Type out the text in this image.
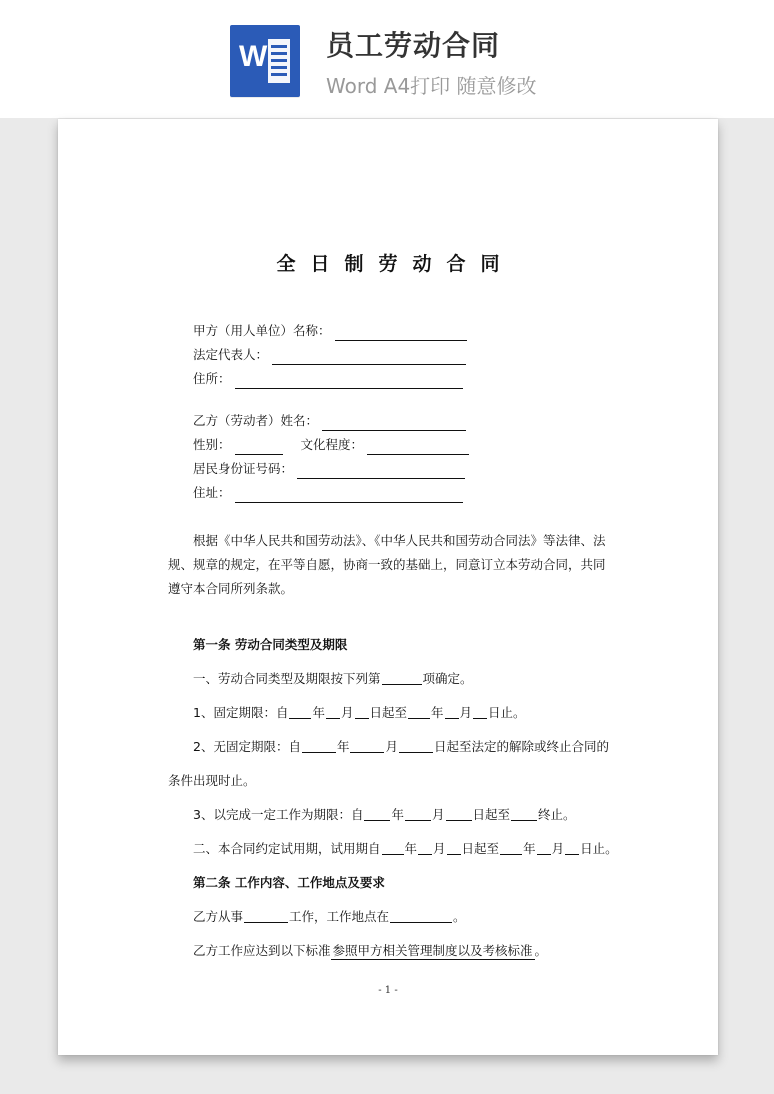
W 员工劳动合同
Word A4打印 随意修改
全日制劳动合同
甲方（用人单位）名称：
法定代表人：
住所：
乙方（劳动者）姓名：
性别：	文化程度：
居民身份证号码：
住址：
根据《中华人民共和国劳动法》、《中华人民共和国劳动合同法》等法律、法规、规章的规定，在平等自愿，协商一致的基础上，同意订立本劳动合同，共同遵守本合同所列条款。
第一条 劳动合同类型及期限
一、劳动合同类型及期限按下列第	项确定。
1、固定期限：自 年 月 日起至 年 月 日止。
2、无固定期限：自	年	月	日起至法定的解除或终止合同的
条件出现时止。
3、以完成一定工作为期限：自 年 月 日起至 终止。
二、本合同约定试用期，试用期自 年 月 日起至 年 月 日止。
第二条 工作内容、工作地点及要求
乙方从事	工作，工作地点在	。
乙方工作应达到以下标准 参照甲方相关管理制度以及考核标准 。
- 1 -
